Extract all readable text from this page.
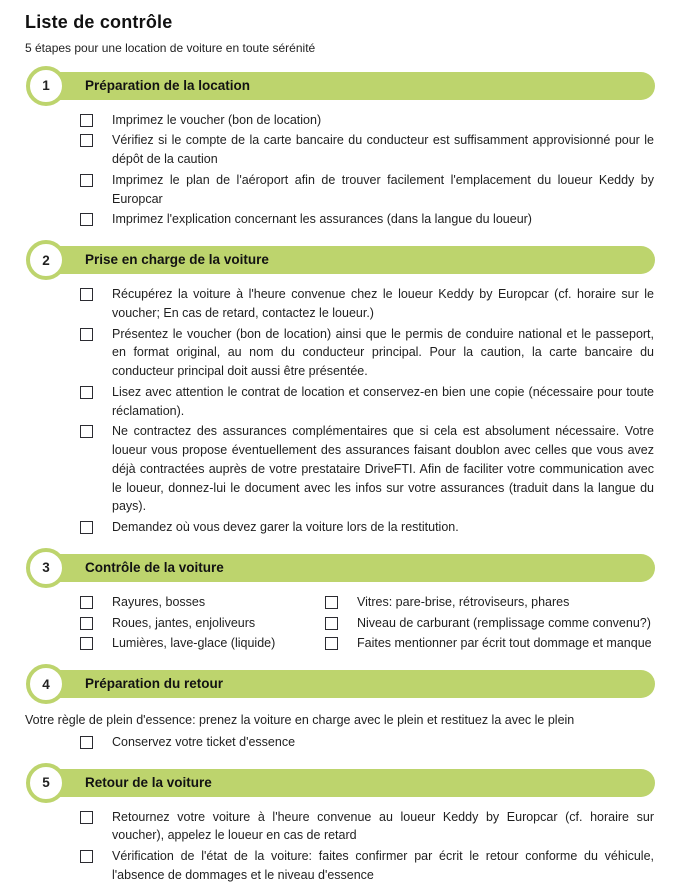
Liste de contrôle
5 étapes pour une location de voiture en toute sérénité
Préparation de la location
1
Imprimez le voucher (bon de location)
Vérifiez si le compte de la carte bancaire du conducteur est suffisamment approvisionné pour le dépôt de la caution
Imprimez le plan de l'aéroport afin de trouver facilement l'emplacement du loueur Keddy by Europcar
Imprimez l'explication concernant les assurances (dans la langue du loueur)
Prise en charge de la voiture
2
Récupérez la voiture à l'heure convenue chez le loueur Keddy by Europcar (cf. horaire sur le voucher; En cas de retard, contactez le loueur.)
Présentez le voucher (bon de location) ainsi que le permis de conduire national et le passeport, en format original, au nom du conducteur principal. Pour la caution, la carte bancaire du conducteur principal doit aussi être présentée.
Lisez avec attention le contrat de location et conservez-en bien une copie (nécessaire pour toute réclamation).
Ne contractez des assurances complémentaires que si cela est absolument nécessaire. Votre loueur vous propose éventuellement des assurances faisant doublon avec celles que vous avez déjà contractées auprès de votre prestataire DriveFTI. Afin de faciliter votre communication avec le loueur, donnez-lui le document avec les infos sur votre assurances (traduit dans la langue du pays).
Demandez où vous devez garer la voiture lors de la restitution.
Contrôle de la voiture
3
Rayures, bosses
Roues, jantes, enjoliveurs
Lumières, lave-glace (liquide)
Vitres: pare-brise, rétroviseurs, phares
Niveau de carburant (remplissage comme convenu?)
Faites mentionner par écrit tout dommage et manque
Préparation du retour
4
Votre règle de plein d'essence: prenez la voiture en charge avec le plein et restituez la avec le plein
Conservez votre ticket d'essence
Retour de la voiture
5
Retournez votre voiture à l'heure convenue au loueur Keddy by Europcar (cf. horaire sur voucher), appelez le loueur en cas de retard
Vérification de l'état de la voiture: faites confirmer par écrit le retour conforme du véhicule, l'absence de dommages et le niveau d'essence
